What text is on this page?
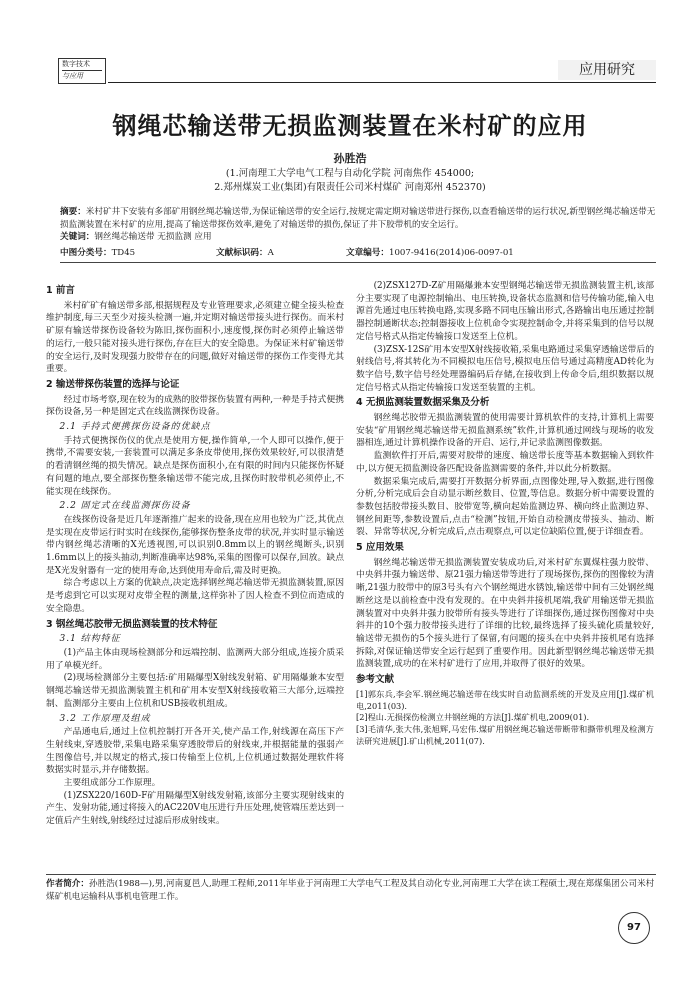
数字技术
与应用	应用研究
钢绳芯输送带无损监测装置在米村矿的应用
孙胜浩
(1.河南理工大学电气工程与自动化学院 河南焦作 454000;
2.郑州煤炭工业(集团)有限责任公司米村煤矿 河南郑州 452370)
摘要：米村矿井下安装有多部矿用钢丝绳芯输送带,为保证输送带的安全运行,按规定需定期对输送带进行探伤,以查看输送带的运行状况,新型钢丝绳芯输送带无损监测装置在米村矿的应用,提高了输送带探伤效率,避免了对输送带的损伤,保证了井下胶带机的安全运行。
关键词：钢丝绳芯输送带 无损监测 应用
中图分类号：TD45	文献标识码：A	文章编号：1007-9416(2014)06-0097-01
1 前言

米村矿矿有输送带多部,根据规程及专业管理要求,必须建立健全接头检查维护制度,每三天至少对接头检测一遍,并定期对输送带接头进行探伤。而米村矿原有输送带探伤设备较为陈旧,探伤面积小,速度慢,探伤时必须停止输送带的运行,一般只能对接头进行探伤,存在巨大的安全隐患。为保证米村矿输送带的安全运行,及时发现强力胶带存在的问题,做好对输送带的探伤工作变得尤其重要。

2 输送带探伤装置的选择与论证

经过市场考察,现在较为的成熟的胶带探伤装置有两种,一种是手持式便携探伤设备,另一种是固定式在线监测探伤设备。

2.1 手持式便携探伤设备的优缺点

手持式便携探伤仪的优点是使用方便,操作简单,一个人即可以操作,便于携带,不需要安装,一套装置可以满足多条皮带使用,探伤效果较好,可以很清楚的看清钢丝绳的损失情况。缺点是探伤面积小,在有限的时间内只能探伤怀疑有问题的地点,要全部探伤整条输送带不能完成,且探伤时胶带机必须停止,不能实现在线探伤。

2.2 固定式在线监测探伤设备

在线探伤设备是近几年逐渐推广起来的设备,现在应用也较为广泛,其优点是实现在皮带运行时实时在线探伤,能够探伤整条皮带的状况,并实时显示输送带内钢丝绳芯清晰的X光透视图,可以识别0.8mm以上的钢丝绳断头,识别1.6mm以上的接头抽动,判断准确率达98%,采集的图像可以保存,回放。缺点是X光发射器有一定的使用寿命,达到使用寿命后,需及时更换。

综合考虑以上方案的优缺点,决定选择钢丝绳芯输送带无损监测装置,原因是考虑到它可以实现对皮带全程的测量,这样弥补了因人检查不到位而造成的安全隐患。

3 钢丝绳芯胶带无损监测装置的技术特征
3.1 结构特征

(1)产品主体由现场检测部分和远端控制、监测两大部分组成,连接介质采用了单模光纤。

(2)现场检测部分主要包括:矿用隔爆型X射线发射箱、矿用隔爆兼本安型钢绳芯输送带无损监测装置主机和矿用本安型X射线接收箱三大部分,远端控制、监测部分主要由上位机和USB接收机组成。

3.2 工作原理及组成

产品通电后,通过上位机控制打开各开关,使产品工作,射线源在高压下产生射线束,穿透胶带,采集电路采集穿透胶带后的射线束,并根据能量的强弱产生图像信号,并以规定的格式,接口传输至上位机,上位机通过数据处理软件将数据实时显示,并存储数据。

主要组成部分工作原理。

(1)ZSX220/160D-F矿用隔爆型X射线发射箱,该部分主要实现射线束的产生、发射功能,通过将接入的AC220V电压进行升压处理,使管端压差达到一定值后产生射线,射线经过过滤后形成射线束。

(2)ZSX127D-Z矿用隔爆兼本安型钢绳芯输送带无损监测装置主机,该部分主要实现了电源控制输出、电压转换,设备状态监测和信号传输功能,输入电源首先通过电压转换电路,实现多路不同电压输出形式,各路输出电压通过控制器控制通断状态;控制器接收上位机命令实现控制命令,并将采集到的信号以规定信号格式从指定传输接口发送至上位机。

(3)ZSX-12S矿用本安型X射线接收箱,采集电路通过采集穿透输送带后的射线信号,将其转化为不同模拟电压信号,模拟电压信号通过高精度AD转化为数字信号,数字信号经处理器编码后存储,在接收到上传命令后,组织数据以规定信号格式从指定传输接口发送至装置的主机。

4 无损监测装置数据采集及分析

钢丝绳芯胶带无损监测装置的使用需要计算机软件的支持,计算机上需要安装“矿用钢丝绳芯输送带无损监测系统”软件,计算机通过网线与现场的收发器相连,通过计算机操作设备的开启、运行,并记录监测图像数据。

监测软件打开后,需要对胶带的速度、输送带长度等基本数据输入到软件中,以方便无损监测设备匹配设备监测需要的条件,并以此分析数据。

数据采集完成后,需要打开数据分析界面,点图像处理,导入数据,进行图像分析,分析完成后会自动显示断丝数目、位置,等信息。数据分析中需要设置的参数包括胶带接头数目、胶带宽等,横向起始监测边界、横向终止监测边界、钢丝间距等,参数设置后,点击“检测”按钮,开始自动检测皮带接头、抽动、断裂、异常等状况,分析完成后,点击观察点,可以定位缺陷位置,便于详细查看。

5 应用效果

钢丝绳芯输送带无损监测装置安装成功后,对米村矿东翼煤柱强力胶带、中央斜井强力输送带、原21强力输送带等进行了现场探伤,探伤的图像较为清晰,21强力胶带中的原3号头有六个钢丝绳进水锈蚀,输送带中间有三处钢丝绳断丝这是以前检查中没有发现的。在中央斜井接机尾端,我矿用输送带无损监测装置对中央斜井强力胶带所有接头等进行了详细探伤,通过探伤图像对中央斜井的10个强力胶带接头进行了详细的比较,最终选择了接头硫化质量较好,输送带无损伤的5个接头进行了保留,有问题的接头在中央斜井接机尾有选择拆除,对保证输送带安全运行起到了重要作用。因此新型钢丝绳芯输送带无损监测装置,成功的在米村矿进行了应用,并取得了很好的效果。

参考文献
[1]郭东兵,李会军.钢丝绳芯输送带在线实时自动监测系统的开发及应用[J].煤矿机电,2011(03).
[2]程山.无损探伤检测立井钢丝绳的方法[J].煤矿机电,2009(01).
[3]毛清华,张大伟,张旭辉,马宏伟.煤矿用钢丝绳芯输送带断带和撕带机理及检测方法研究进展[J].矿山机械,2011(07).
作者简介：孙胜浩(1988—),男,河南夏邑人,助理工程师,2011年毕业于河南理工大学电气工程及其自动化专业,河南理工大学在读工程硕士,现在郑煤集团公司米村煤矿机电运输科从事机电管理工作。
97
